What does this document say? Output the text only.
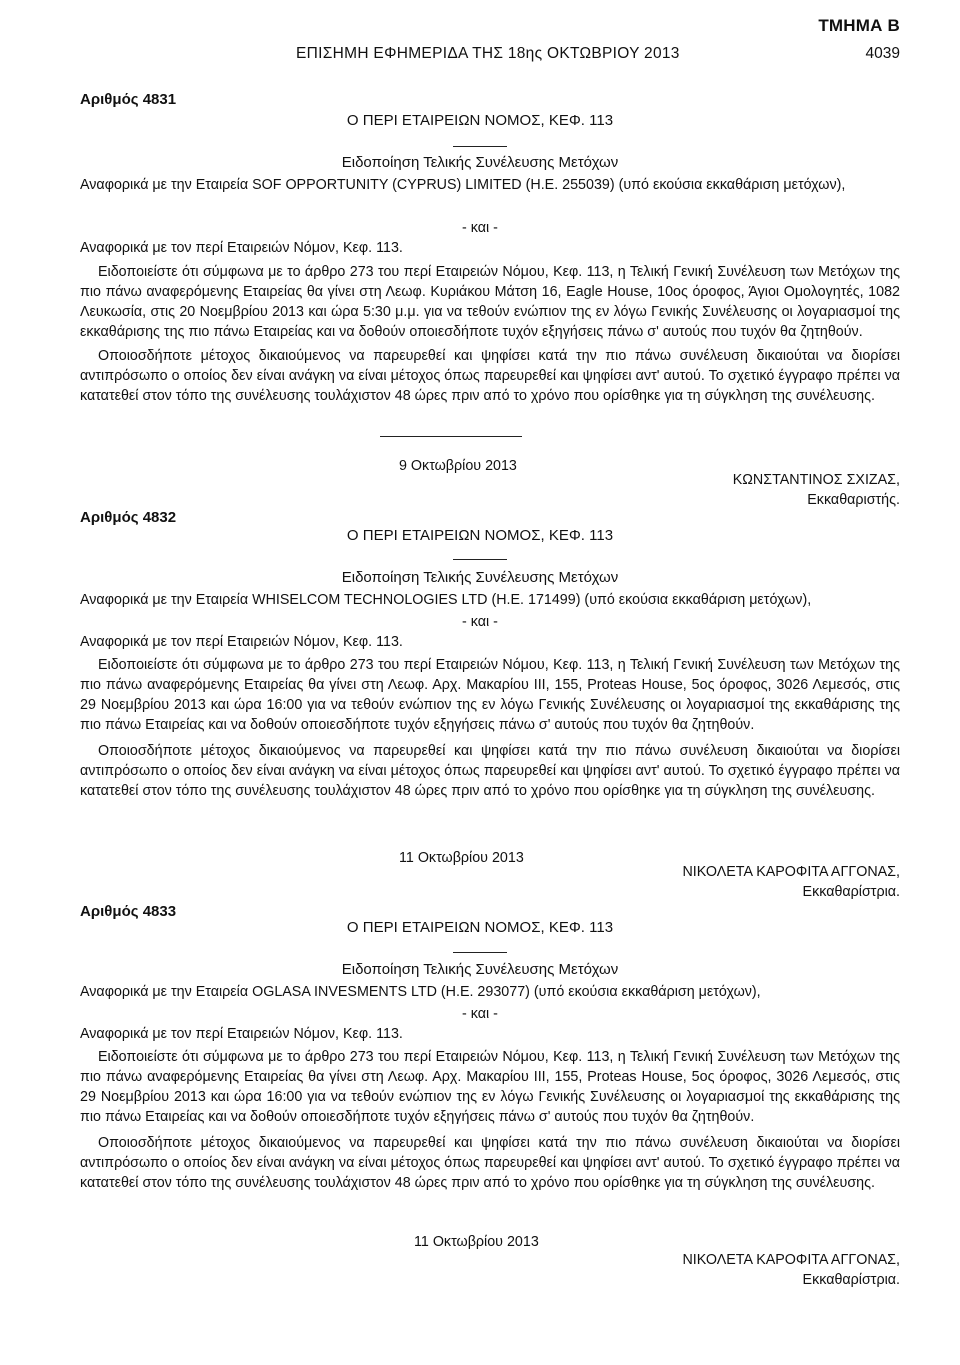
ΤΜΗΜΑ Β
ΕΠΙΣΗΜΗ ΕΦΗΜΕΡΙΔΑ ΤΗΣ 18ης ΟΚΤΩΒΡΙΟΥ 2013	4039
Αριθμός 4831
Ο ΠΕΡΙ ΕΤΑΙΡΕΙΩΝ ΝΟΜΟΣ, ΚΕΦ. 113
Ειδοποίηση Τελικής Συνέλευσης Μετόχων

Αναφορικά με την Εταιρεία SOF OPPORTUNITY (CYPRUS) LIMITED (Η.Ε. 255039) (υπό εκούσια εκκαθάριση μετόχων),

- και -
Αναφορικά με τον περί Εταιρειών Νόμον, Κεφ. 113.

Ειδοποιείστε ότι σύμφωνα με το άρθρο 273 του περί Εταιρειών Νόμου, Κεφ. 113, η Τελική Γενική Συνέλευση των Μετόχων της πιο πάνω αναφερόμενης Εταιρείας θα γίνει στη Λεωφ. Κυριάκου Μάτση 16, Eagle House, 10ος όροφος, Άγιοι Ομολογητές, 1082 Λευκωσία, στις 20 Νοεμβρίου 2013 και ώρα 5:30 μ.μ. για να τεθούν ενώπιον της εν λόγω Γενικής Συνέλευσης οι λογαριασμοί της εκκαθάρισης της πιο πάνω Εταιρείας και να δοθούν οποιεσδήποτε τυχόν εξηγήσεις πάνω σ' αυτούς που τυχόν θα ζητηθούν.

Οποιοσδήποτε μέτοχος δικαιούμενος να παρευρεθεί και ψηφίσει κατά την πιο πάνω συνέλευση δικαιούται να διορίσει αντιπρόσωπο ο οποίος δεν είναι ανάγκη να είναι μέτοχος όπως παρευρεθεί και ψηφίσει αντ' αυτού. Το σχετικό έγγραφο πρέπει να κατατεθεί στον τόπο της συνέλευσης τουλάχιστον 48 ώρες πριν από το χρόνο που ορίσθηκε για τη σύγκληση της συνέλευσης.

9 Οκτωβρίου 2013
ΚΩΝΣΤΑΝΤΙΝΟΣ ΣΧΙΖΑΣ,
Εκκαθαριστής.
Αριθμός 4832
Ο ΠΕΡΙ ΕΤΑΙΡΕΙΩΝ ΝΟΜΟΣ, ΚΕΦ. 113
Ειδοποίηση Τελικής Συνέλευσης Μετόχων

Αναφορικά με την Εταιρεία WHISELCOM TECHNOLOGIES LTD (Η.Ε. 171499) (υπό εκούσια εκκαθάριση μετόχων),

- και -
Αναφορικά με τον περί Εταιρειών Νόμον, Κεφ. 113.

Ειδοποιείστε ότι σύμφωνα με το άρθρο 273 του περί Εταιρειών Νόμου, Κεφ. 113, η Τελική Γενική Συνέλευση των Μετόχων της πιο πάνω αναφερόμενης Εταιρείας θα γίνει στη Λεωφ. Αρχ. Μακαρίου III, 155, Proteas House, 5ος όροφος, 3026 Λεμεσός, στις 29 Νοεμβρίου 2013 και ώρα 16:00 για να τεθούν ενώπιον της εν λόγω Γενικής Συνέλευσης οι λογαριασμοί της εκκαθάρισης της πιο πάνω Εταιρείας και να δοθούν οποιεσδήποτε τυχόν εξηγήσεις πάνω σ' αυτούς που τυχόν θα ζητηθούν.

Οποιοσδήποτε μέτοχος δικαιούμενος να παρευρεθεί και ψηφίσει κατά την πιο πάνω συνέλευση δικαιούται να διορίσει αντιπρόσωπο ο οποίος δεν είναι ανάγκη να είναι μέτοχος όπως παρευρεθεί και ψηφίσει αντ' αυτού. Το σχετικό έγγραφο πρέπει να κατατεθεί στον τόπο της συνέλευσης τουλάχιστον 48 ώρες πριν από το χρόνο που ορίσθηκε για τη σύγκληση της συνέλευσης.

11 Οκτωβρίου 2013
ΝΙΚΟΛΕΤΑ ΚΑΡΟΦΙΤΑ ΑΓΓΟΝΑΣ,
Εκκαθαρίστρια.
Αριθμός 4833
Ο ΠΕΡΙ ΕΤΑΙΡΕΙΩΝ ΝΟΜΟΣ, ΚΕΦ. 113
Ειδοποίηση Τελικής Συνέλευσης Μετόχων

Αναφορικά με την Εταιρεία OGLASA INVESMENTS LTD (Η.Ε. 293077) (υπό εκούσια εκκαθάριση μετόχων),

- και -
Αναφορικά με τον περί Εταιρειών Νόμον, Κεφ. 113.

Ειδοποιείστε ότι σύμφωνα με το άρθρο 273 του περί Εταιρειών Νόμου, Κεφ. 113, η Τελική Γενική Συνέλευση των Μετόχων της πιο πάνω αναφερόμενης Εταιρείας θα γίνει στη Λεωφ. Αρχ. Μακαρίου III, 155, Proteas House, 5ος όροφος, 3026 Λεμεσός, στις 29 Νοεμβρίου 2013 και ώρα 16:00 για να τεθούν ενώπιον της εν λόγω Γενικής Συνέλευσης οι λογαριασμοί της εκκαθάρισης της πιο πάνω Εταιρείας και να δοθούν οποιεσδήποτε τυχόν εξηγήσεις πάνω σ' αυτούς που τυχόν θα ζητηθούν.

Οποιοσδήποτε μέτοχος δικαιούμενος να παρευρεθεί και ψηφίσει κατά την πιο πάνω συνέλευση δικαιούται να διορίσει αντιπρόσωπο ο οποίος δεν είναι ανάγκη να είναι μέτοχος όπως παρευρεθεί και ψηφίσει αντ' αυτού. Το σχετικό έγγραφο πρέπει να κατατεθεί στον τόπο της συνέλευσης τουλάχιστον 48 ώρες πριν από το χρόνο που ορίσθηκε για τη σύγκληση της συνέλευσης.

11 Οκτωβρίου 2013
ΝΙΚΟΛΕΤΑ ΚΑΡΟΦΙΤΑ ΑΓΓΟΝΑΣ,
Εκκαθαρίστρια.
